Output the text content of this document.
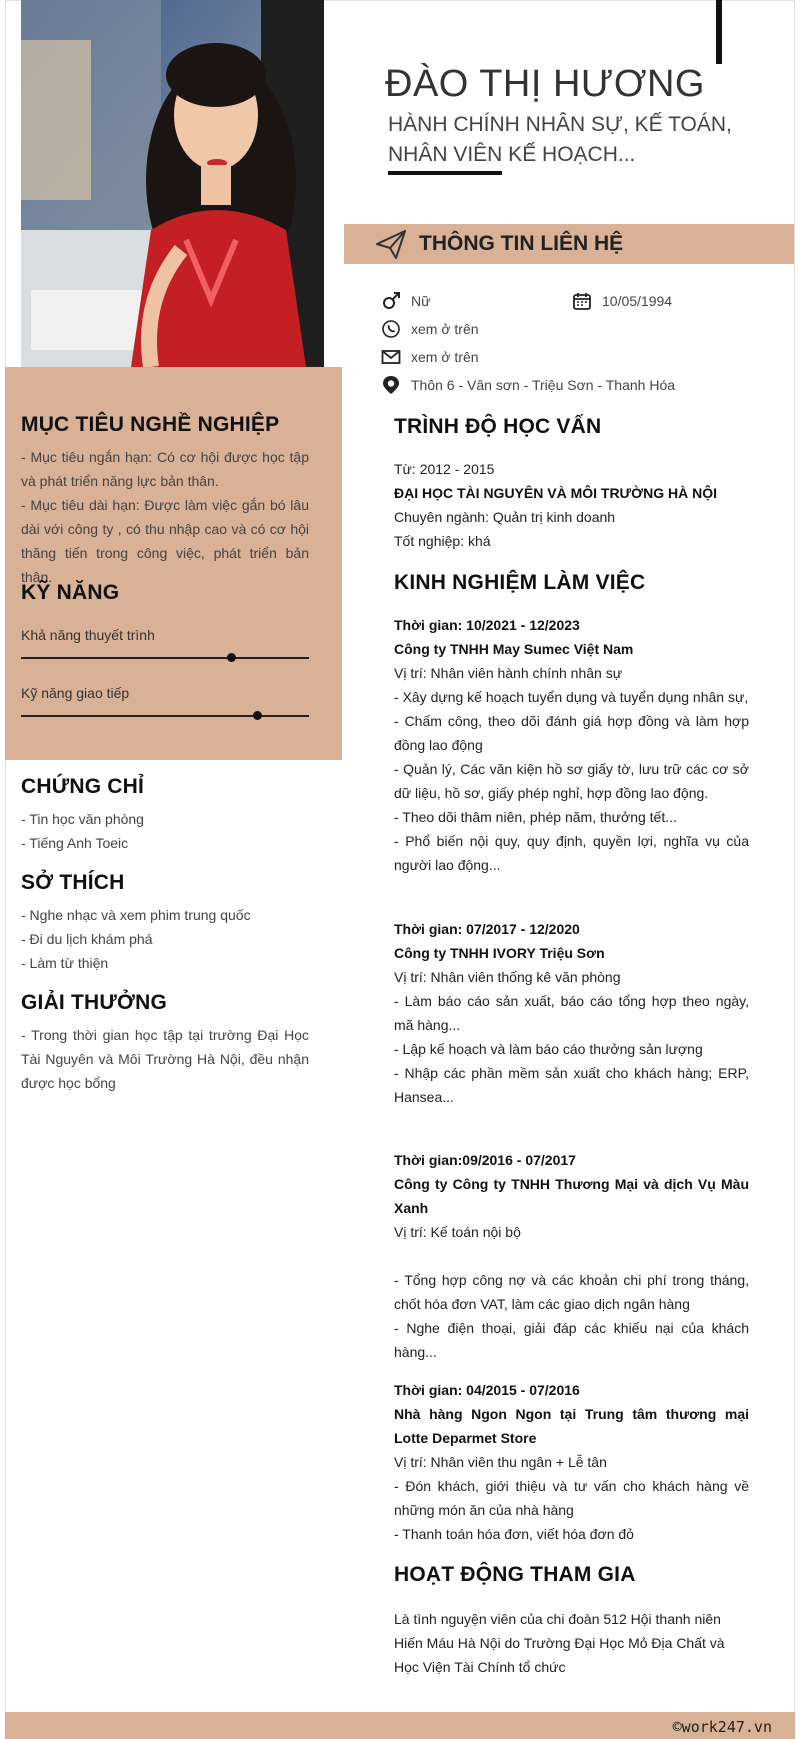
ĐÀO THỊ HƯƠNG
HÀNH CHÍNH NHÂN SỰ, KẾ TOÁN, NHÂN VIÊN KẾ HOẠCH...
THÔNG TIN LIÊN HỆ
Nữ	10/05/1994
xem ở trên
xem ở trên
Thôn 6 - Vân sơn - Triệu Sơn - Thanh Hóa
MỤC TIÊU NGHỀ NGHIỆP
- Mục tiêu ngắn hạn: Có cơ hội được học tập và phát triển năng lực bản thân.
- Mục tiêu dài hạn: Được làm việc gắn bó lâu dài với công ty , có thu nhập cao và có cơ hội thăng tiến trong công việc, phát triển bản thân.
KỸ NĂNG
Khả năng thuyết trình
Kỹ năng giao tiếp
CHỨNG CHỈ
- Tin học văn phòng
- Tiếng Anh Toeic
SỞ THÍCH
- Nghe nhạc và xem phim trung quốc
- Đi du lịch khám phá
- Làm từ thiện
GIẢI THƯỞNG
- Trong thời gian học tập tại trường Đại Học Tài Nguyên và Môi Trường Hà Nội, đều nhận được học bổng
TRÌNH ĐỘ HỌC VẤN
Từ: 2012 - 2015
ĐẠI HỌC TÀI NGUYÊN VÀ MÔI TRƯỜNG HÀ NỘI
Chuyên ngành: Quản trị kinh doanh
Tốt nghiệp: khá
KINH NGHIỆM LÀM VIỆC
Thời gian: 10/2021 - 12/2023
Công ty TNHH May Sumec Việt Nam
Vị trí: Nhân viên hành chính nhân sự
- Xây dựng kế hoạch tuyển dụng và tuyển dụng nhân sự,
- Chấm công, theo dõi đánh giá hợp đồng và làm hợp đồng lao động
- Quản lý, Các văn kiện hồ sơ giấy tờ, lưu trữ các cơ sở dữ liệu, hồ sơ, giấy phép nghỉ, hợp đồng lao động.
- Theo dõi thâm niên, phép năm, thưởng tết...
- Phổ biến nội quy, quy định, quyền lợi, nghĩa vụ của người lao động...
Thời gian: 07/2017 - 12/2020
Công ty TNHH IVORY Triệu Sơn
Vị trí: Nhân viên thống kê văn phòng
- Làm báo cáo sản xuất, báo cáo tổng hợp theo ngày, mã hàng...
- Lập kế hoạch và làm báo cáo thưởng sản lượng
- Nhập các phần mềm sản xuất cho khách hàng; ERP, Hansea...
Thời gian:09/2016 - 07/2017
Công ty Công ty TNHH Thương Mại và dịch Vụ Màu Xanh
Vị trí: Kế toán nội bộ
- Tổng hợp công nợ và các khoản chi phí trong tháng, chốt hóa đơn VAT, làm các giao dịch ngân hàng
- Nghe điện thoại, giải đáp các khiếu nại của khách hàng...
Thời gian: 04/2015 - 07/2016
Nhà hàng Ngon Ngon tại Trung tâm thương mại Lotte Deparmet Store
Vị trí: Nhân viên thu ngân + Lễ tân
- Đón khách, giới thiệu và tư vấn cho khách hàng về những món ăn của nhà hàng
- Thanh toán hóa đơn, viết hóa đơn đỏ
HOẠT ĐỘNG THAM GIA
Là tình nguyện viên của chi đoàn 512 Hội thanh niên Hiến Máu Hà Nội do Trường Đại Học Mỏ Địa Chất và Học Viện Tài Chính tổ chức
©work247.vn
